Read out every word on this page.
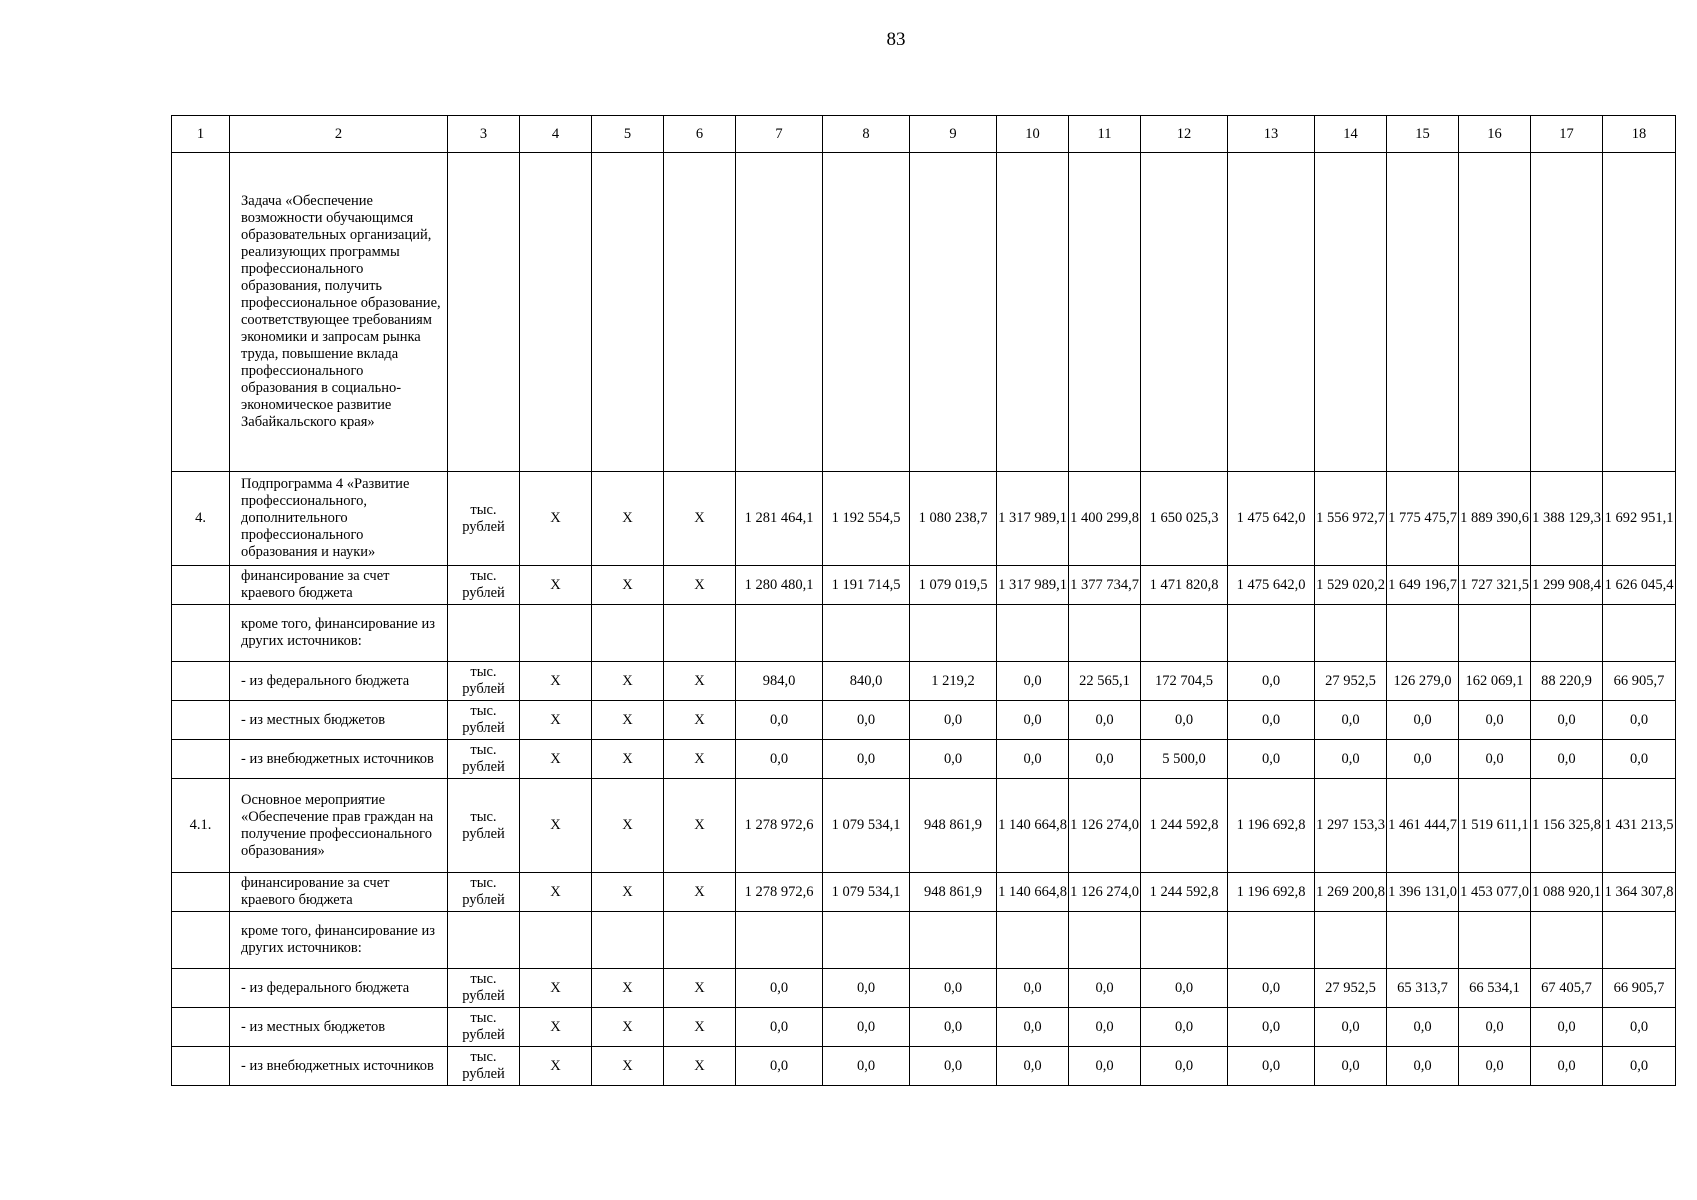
83
1	2	3	4	5	6	7	8	9	10	11	12	13	14	15	16	17	18
	Задача «Обеспечение возможности обучающимся образовательных организаций, реализующих программы профессионального образования, получить профессиональное образование, соответствующее требованиям экономики и запросам рынка труда, повышение вклада профессионального образования в социально-экономическое развитие Забайкальского края»																
4.	Подпрограмма 4 «Развитие профессионального, дополнительного профессионального образования и науки»	тыс. рублей	X	X	X	1 281 464,1	1 192 554,5	1 080 238,7	1 317 989,1	1 400 299,8	1 650 025,3	1 475 642,0	1 556 972,7	1 775 475,7	1 889 390,6	1 388 129,3	1 692 951,1
	финансирование за счет краевого бюджета	тыс. рублей	X	X	X	1 280 480,1	1 191 714,5	1 079 019,5	1 317 989,1	1 377 734,7	1 471 820,8	1 475 642,0	1 529 020,2	1 649 196,7	1 727 321,5	1 299 908,4	1 626 045,4
	кроме того, финансирование из других источников:																
	- из федерального бюджета	тыс. рублей	X	X	X	984,0	840,0	1 219,2	0,0	22 565,1	172 704,5	0,0	27 952,5	126 279,0	162 069,1	88 220,9	66 905,7
	- из местных бюджетов	тыс. рублей	X	X	X	0,0	0,0	0,0	0,0	0,0	0,0	0,0	0,0	0,0	0,0	0,0	0,0
	- из внебюджетных источников	тыс. рублей	X	X	X	0,0	0,0	0,0	0,0	0,0	5 500,0	0,0	0,0	0,0	0,0	0,0	0,0
4.1.	Основное мероприятие «Обеспечение прав граждан на получение профессионального образования»	тыс. рублей	X	X	X	1 278 972,6	1 079 534,1	948 861,9	1 140 664,8	1 126 274,0	1 244 592,8	1 196 692,8	1 297 153,3	1 461 444,7	1 519 611,1	1 156 325,8	1 431 213,5
	финансирование за счет краевого бюджета	тыс. рублей	X	X	X	1 278 972,6	1 079 534,1	948 861,9	1 140 664,8	1 126 274,0	1 244 592,8	1 196 692,8	1 269 200,8	1 396 131,0	1 453 077,0	1 088 920,1	1 364 307,8
	кроме того, финансирование из других источников:																
	- из федерального бюджета	тыс. рублей	X	X	X	0,0	0,0	0,0	0,0	0,0	0,0	0,0	27 952,5	65 313,7	66 534,1	67 405,7	66 905,7
	- из местных бюджетов	тыс. рублей	X	X	X	0,0	0,0	0,0	0,0	0,0	0,0	0,0	0,0	0,0	0,0	0,0	0,0
	- из внебюджетных источников	тыс. рублей	X	X	X	0,0	0,0	0,0	0,0	0,0	0,0	0,0	0,0	0,0	0,0	0,0	0,0
